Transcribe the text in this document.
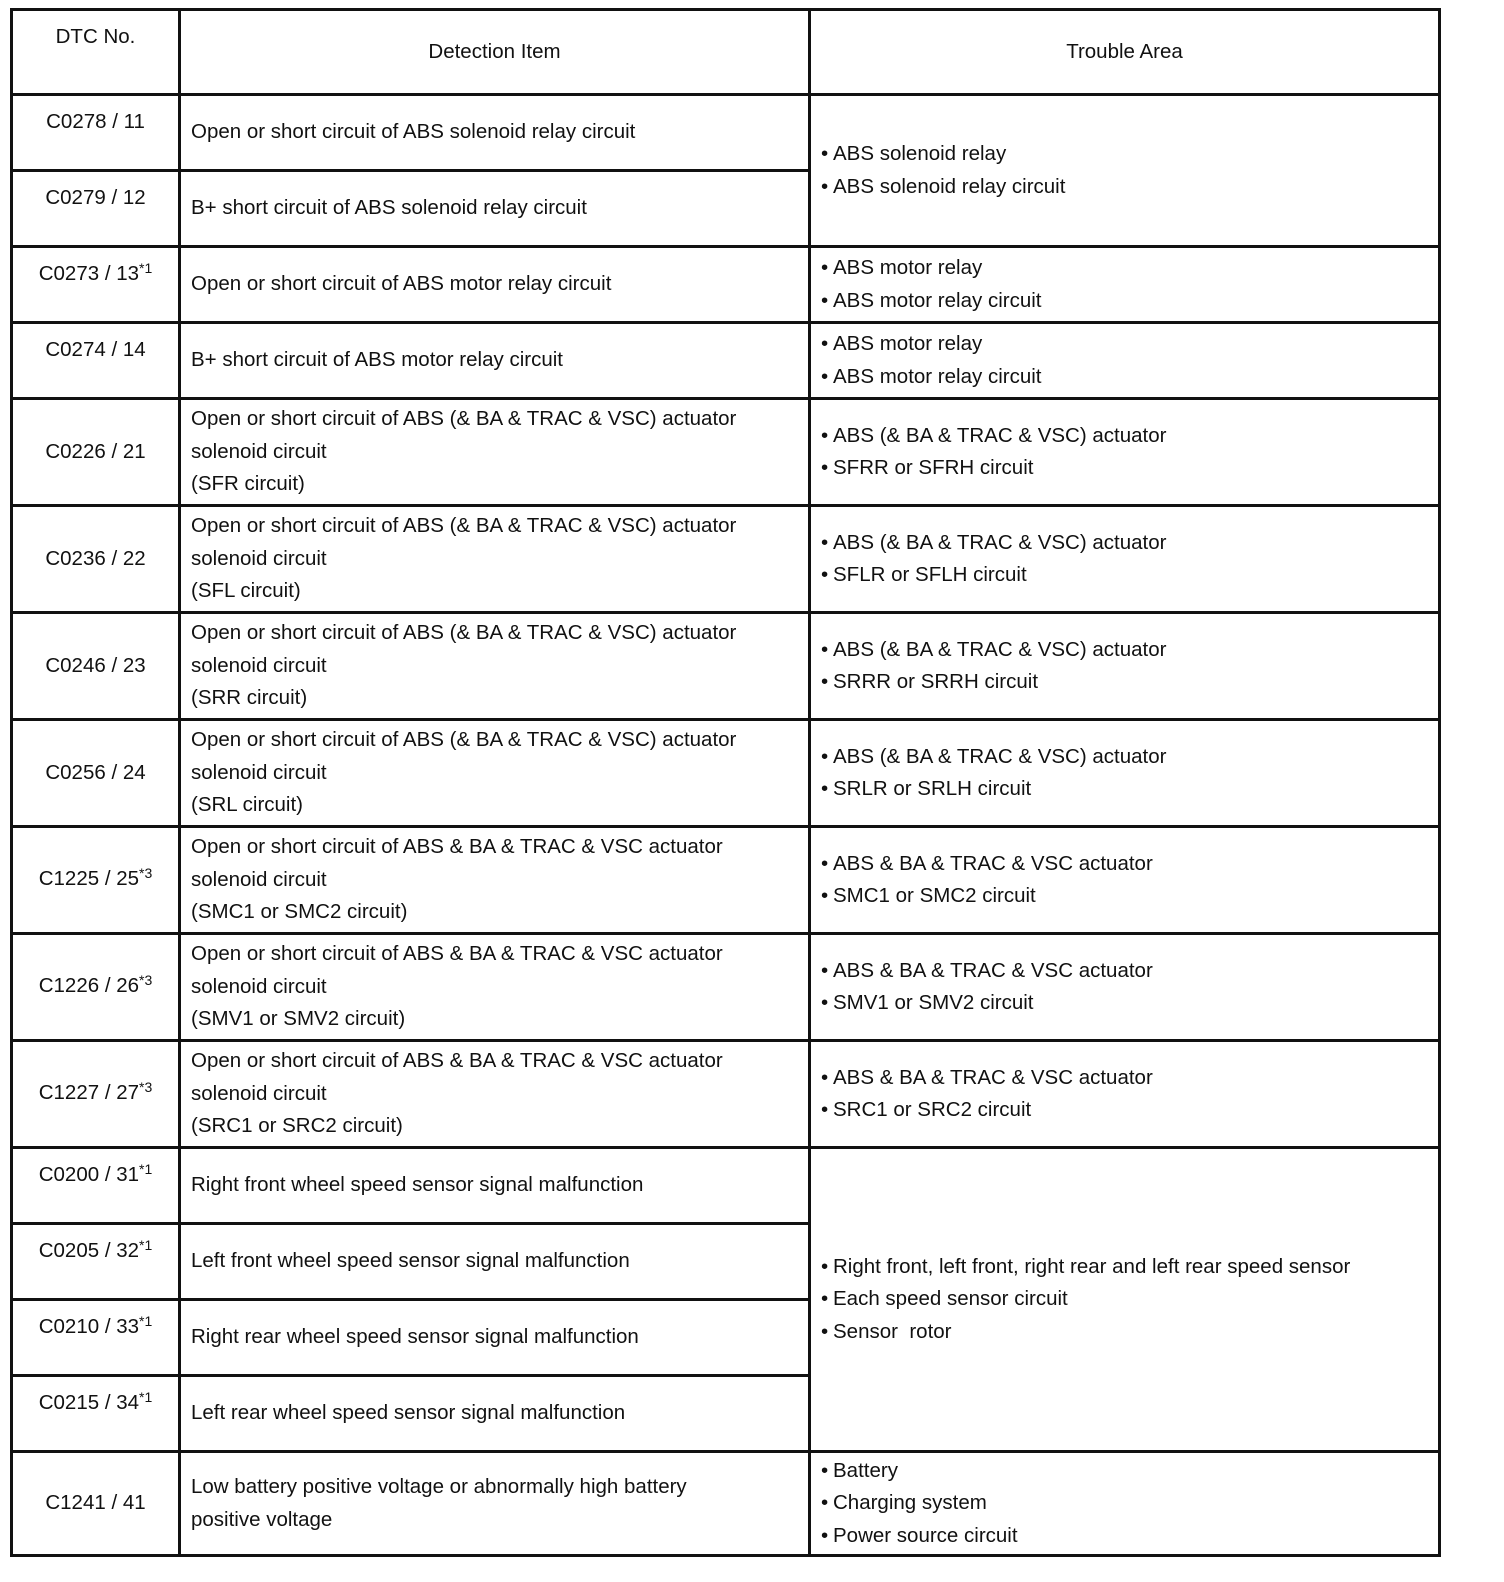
DTC No.	Detection Item	Trouble Area
C0278 / 11	Open or short circuit of ABS solenoid relay circuit	• ABS solenoid relay
• ABS solenoid relay circuit

C0279 / 12	B+ short circuit of ABS solenoid relay circuit	

C0273 / 13$^{*1}$	Open or short circuit of ABS motor relay circuit	• ABS motor relay
• ABS motor relay circuit

C0274 / 14	B+ short circuit of ABS motor relay circuit	• ABS motor relay
• ABS motor relay circuit

C0226 / 21	Open or short circuit of ABS (& BA & TRAC & VSC) actuator
solenoid circuit
(SFR circuit)	• ABS (& BA & TRAC & VSC) actuator
• SFRR or SFRH circuit

C0236 / 22	Open or short circuit of ABS (& BA & TRAC & VSC) actuator
solenoid circuit
(SFL circuit)	• ABS (& BA & TRAC & VSC) actuator
• SFLR or SFLH circuit

C0246 / 23	Open or short circuit of ABS (& BA & TRAC & VSC) actuator
solenoid circuit
(SRR circuit)	• ABS (& BA & TRAC & VSC) actuator
• SRRR or SRRH circuit

C0256 / 24	Open or short circuit of ABS (& BA & TRAC & VSC) actuator
solenoid circuit
(SRL circuit)	• ABS (& BA & TRAC & VSC) actuator
• SRLR or SRLH circuit

C1225 / 25$^{*3}$	Open or short circuit of ABS & BA & TRAC & VSC actuator
solenoid circuit
(SMC1 or SMC2 circuit)	• ABS & BA & TRAC & VSC actuator
• SMC1 or SMC2 circuit

C1226 / 26$^{*3}$	Open or short circuit of ABS & BA & TRAC & VSC actuator
solenoid circuit
(SMV1 or SMV2 circuit)	• ABS & BA & TRAC & VSC actuator
• SMV1 or SMV2 circuit

C1227 / 27$^{*3}$	Open or short circuit of ABS & BA & TRAC & VSC actuator
solenoid circuit
(SRC1 or SRC2 circuit)	• ABS & BA & TRAC & VSC actuator
• SRC1 or SRC2 circuit

C0200 / 31$^{*1}$	Right front wheel speed sensor signal malfunction	• Right front, left front, right rear and left rear speed sensor
• Each speed sensor circuit
• Sensor  rotor

C0205 / 32$^{*1}$	Left front wheel speed sensor signal malfunction	

C0210 / 33$^{*1}$	Right rear wheel speed sensor signal malfunction	

C0215 / 34$^{*1}$	Left rear wheel speed sensor signal malfunction	

C1241 / 41	Low battery positive voltage or abnormally high battery
positive voltage	• Battery
• Charging system
• Power source circuit
